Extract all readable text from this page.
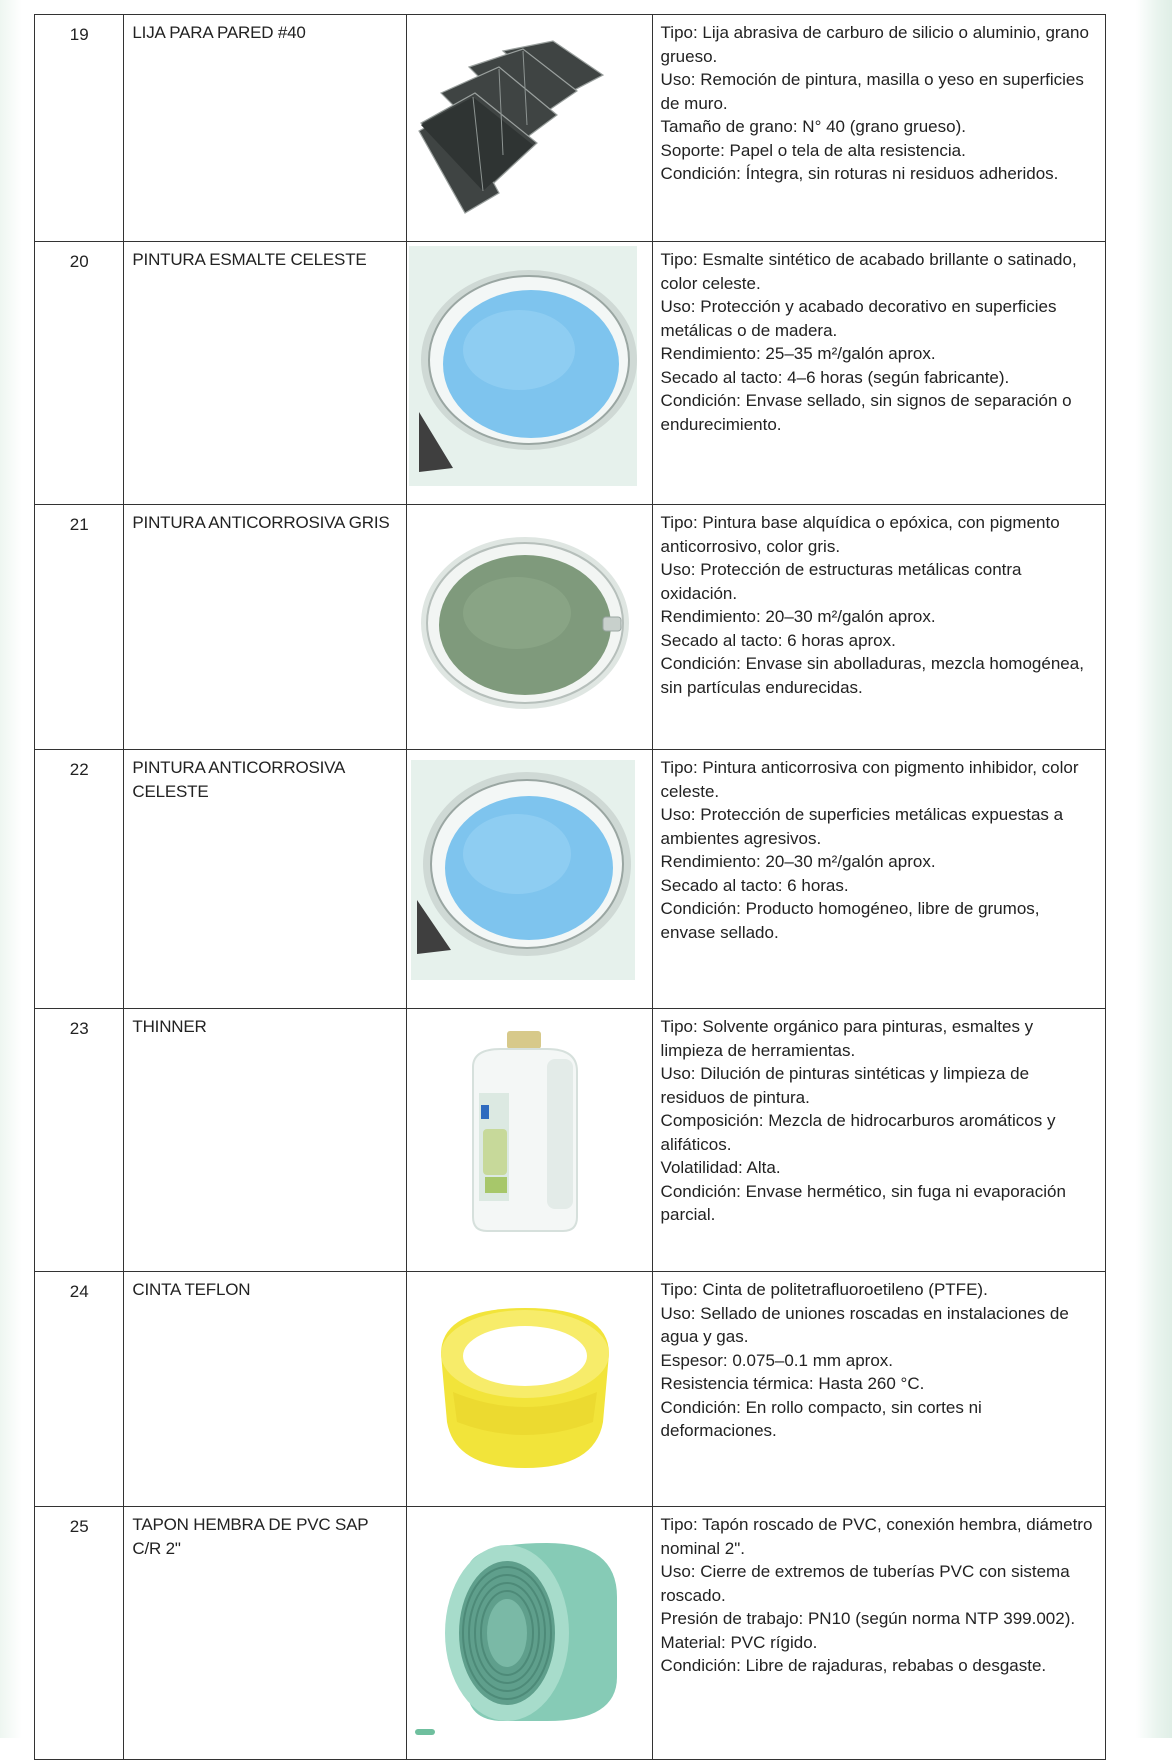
19	LIJA PARA PARED #40		Tipo: Lija abrasiva de carburo de silicio o aluminio, grano grueso.
Uso: Remoción de pintura, masilla o yeso en superficies de muro.
Tamaño de grano: N° 40 (grano grueso).
Soporte: Papel o tela de alta resistencia.
Condición: Íntegra, sin roturas ni residuos adheridos.

20	PINTURA ESMALTE CELESTE		Tipo: Esmalte sintético de acabado brillante o satinado, color celeste.
Uso: Protección y acabado decorativo en superficies metálicas o de madera.
Rendimiento: 25–35 m²/galón aprox.
Secado al tacto: 4–6 horas (según fabricante).
Condición: Envase sellado, sin signos de separación o endurecimiento.

21	PINTURA ANTICORROSIVA GRIS		Tipo: Pintura base alquídica o epóxica, con pigmento anticorrosivo, color gris.
Uso: Protección de estructuras metálicas contra oxidación.
Rendimiento: 20–30 m²/galón aprox.
Secado al tacto: 6 horas aprox.
Condición: Envase sin abolladuras, mezcla homogénea, sin partículas endurecidas.

22	PINTURA ANTICORROSIVA CELESTE		Tipo: Pintura anticorrosiva con pigmento inhibidor, color celeste.
Uso: Protección de superficies metálicas expuestas a ambientes agresivos.
Rendimiento: 20–30 m²/galón aprox.
Secado al tacto: 6 horas.
Condición: Producto homogéneo, libre de grumos, envase sellado.

23	THINNER		Tipo: Solvente orgánico para pinturas, esmaltes y limpieza de herramientas.
Uso: Dilución de pinturas sintéticas y limpieza de residuos de pintura.
Composición: Mezcla de hidrocarburos aromáticos y alifáticos.
Volatilidad: Alta.
Condición: Envase hermético, sin fuga ni evaporación parcial.

24	CINTA TEFLON		Tipo: Cinta de politetrafluoroetileno (PTFE).
Uso: Sellado de uniones roscadas en instalaciones de agua y gas.
Espesor: 0.075–0.1 mm aprox.
Resistencia térmica: Hasta 260 °C.
Condición: En rollo compacto, sin cortes ni deformaciones.

25	TAPON HEMBRA DE PVC SAP C/R 2"		Tipo: Tapón roscado de PVC, conexión hembra, diámetro nominal 2".
Uso: Cierre de extremos de tuberías PVC con sistema roscado.
Presión de trabajo: PN10 (según norma NTP 399.002).
Material: PVC rígido.
Condición: Libre de rajaduras, rebabas o desgaste.
